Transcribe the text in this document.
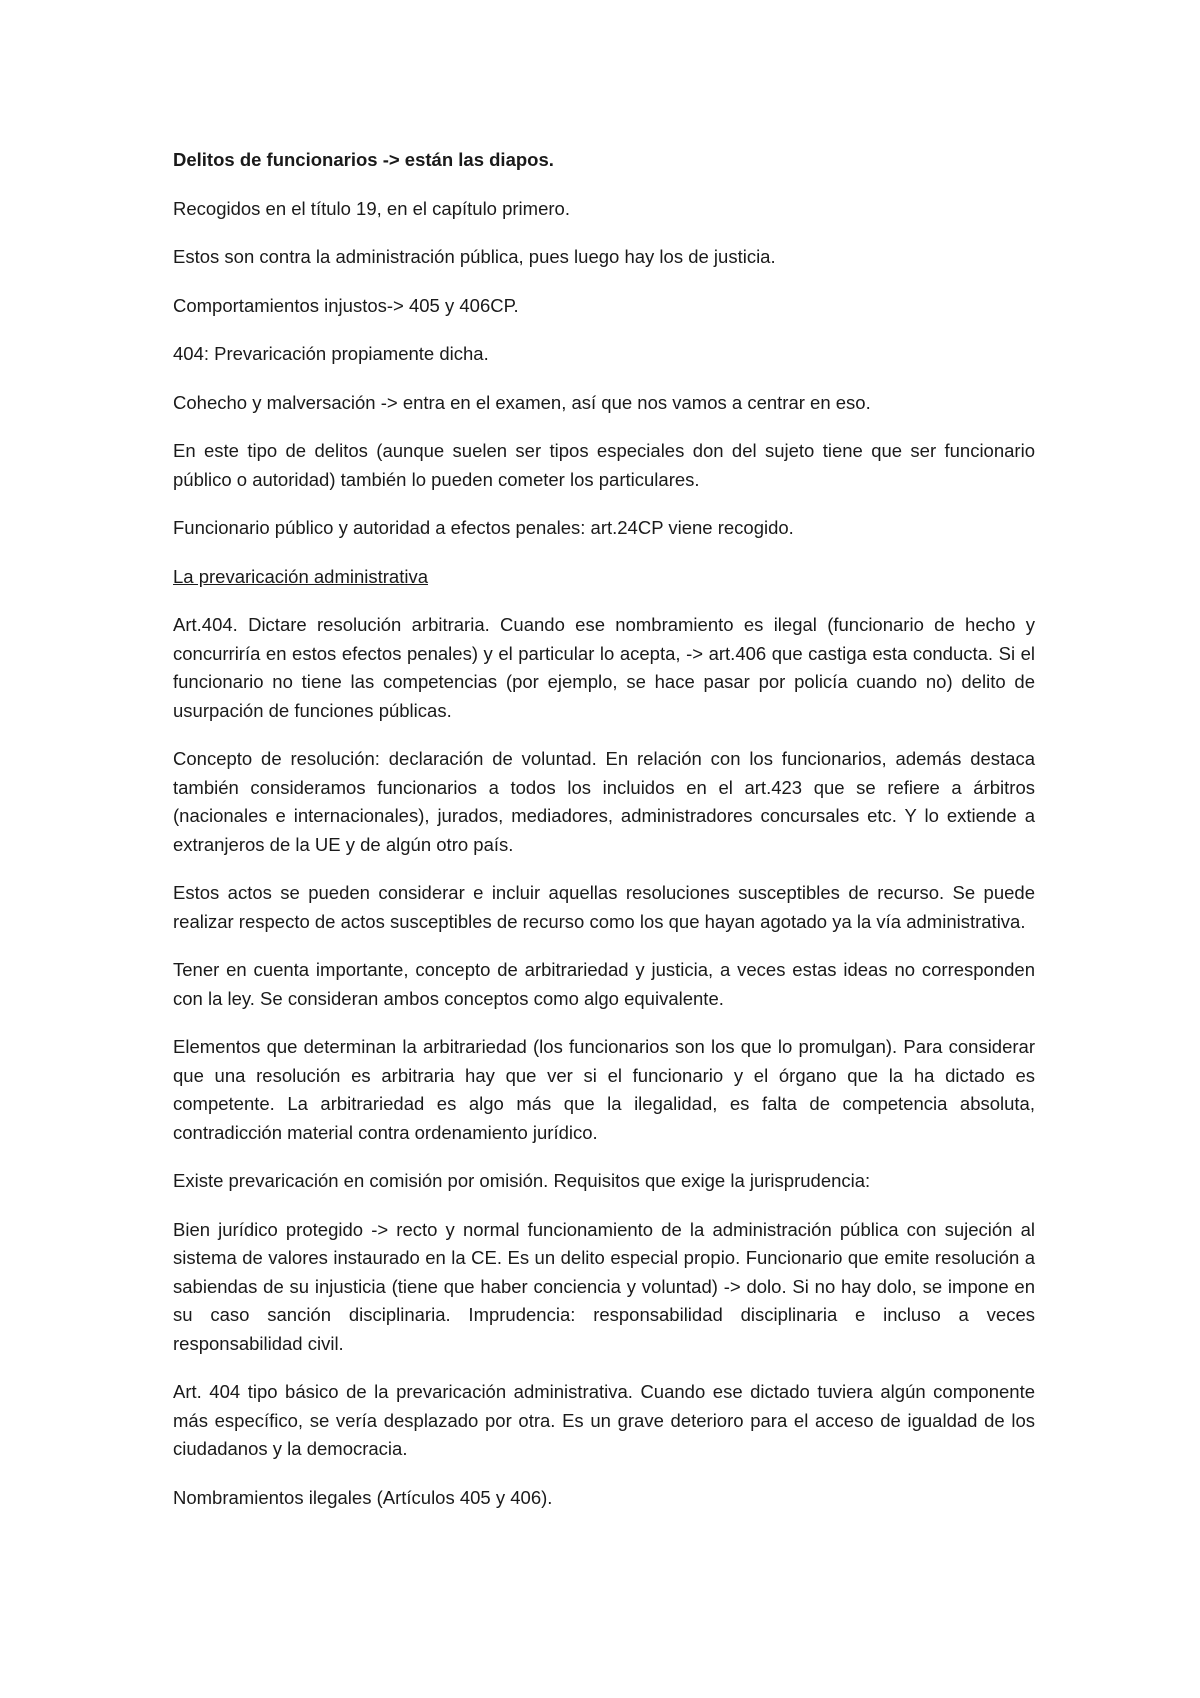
Delitos de funcionarios -> están las diapos.

Recogidos en el título 19, en el capítulo primero.

Estos son contra la administración pública, pues luego hay los de justicia.

Comportamientos injustos-> 405 y 406CP.

404: Prevaricación propiamente dicha.

Cohecho y malversación -> entra en el examen, así que nos vamos a centrar en eso.

En este tipo de delitos (aunque suelen ser tipos especiales don del sujeto tiene que ser funcionario público o autoridad) también lo pueden cometer los particulares.

Funcionario público y autoridad a efectos penales: art.24CP viene recogido.

La prevaricación administrativa

Art.404. Dictare resolución arbitraria. Cuando ese nombramiento es ilegal (funcionario de hecho y concurriría en estos efectos penales) y el particular lo acepta, -> art.406 que castiga esta conducta. Si el funcionario no tiene las competencias (por ejemplo, se hace pasar por policía cuando no) delito de usurpación de funciones públicas.

Concepto de resolución: declaración de voluntad. En relación con los funcionarios, además destaca también consideramos funcionarios a todos los incluidos en el art.423 que se refiere a árbitros (nacionales e internacionales), jurados, mediadores, administradores concursales etc. Y lo extiende a extranjeros de la UE y de algún otro país.

Estos actos se pueden considerar e incluir aquellas resoluciones susceptibles de recurso. Se puede realizar respecto de actos susceptibles de recurso como los que hayan agotado ya la vía administrativa.

Tener en cuenta importante, concepto de arbitrariedad y justicia, a veces estas ideas no corresponden con la ley. Se consideran ambos conceptos como algo equivalente.

Elementos que determinan la arbitrariedad (los funcionarios son los que lo promulgan). Para considerar que una resolución es arbitraria hay que ver si el funcionario y el órgano que la ha dictado es competente. La arbitrariedad es algo más que la ilegalidad, es falta de competencia absoluta, contradicción material contra ordenamiento jurídico.

Existe prevaricación en comisión por omisión. Requisitos que exige la jurisprudencia:

Bien jurídico protegido -> recto y normal funcionamiento de la administración pública con sujeción al sistema de valores instaurado en la CE. Es un delito especial propio. Funcionario que emite resolución a sabiendas de su injusticia (tiene que haber conciencia y voluntad) -> dolo. Si no hay dolo, se impone en su caso sanción disciplinaria. Imprudencia: responsabilidad disciplinaria e incluso a veces responsabilidad civil.

Art. 404 tipo básico de la prevaricación administrativa. Cuando ese dictado tuviera algún componente más específico, se vería desplazado por otra. Es un grave deterioro para el acceso de igualdad de los ciudadanos y la democracia.

Nombramientos ilegales (Artículos 405 y 406).
